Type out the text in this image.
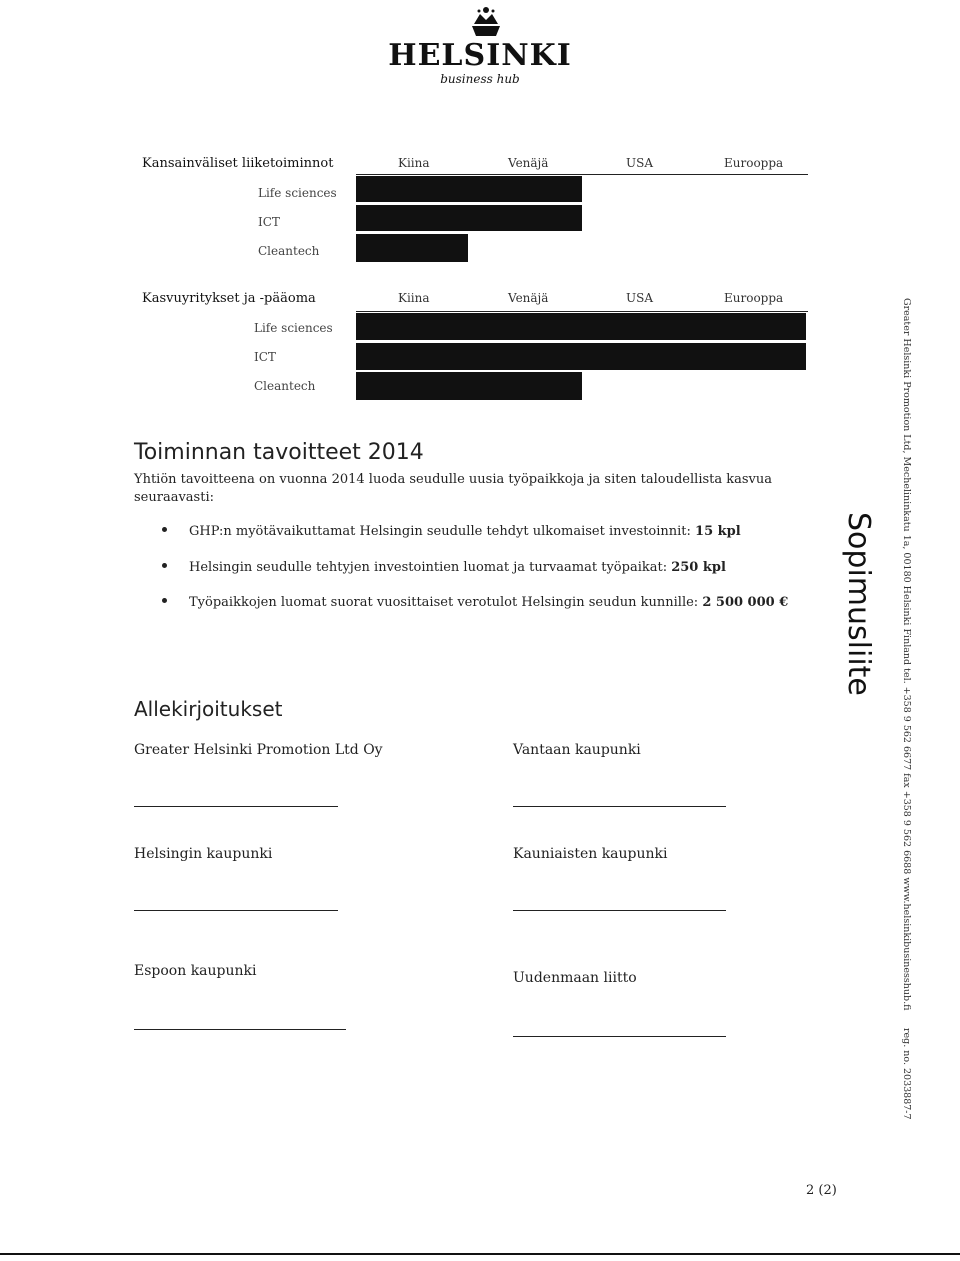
HELSINKI
business hub
Kansainväliset liiketoiminnot	Kiina	Venäjä	USA	Eurooppa
Life sciences
ICT
Cleantech
Kasvuyritykset ja -pääoma	Kiina	Venäjä	USA	Eurooppa
Life sciences
ICT
Cleantech
Toiminnan tavoitteet 2014
Yhtiön tavoitteena on vuonna 2014 luoda seudulle uusia työpaikkoja ja siten taloudellista kasvua
seuraavasti:
GHP:n myötävaikuttamat Helsingin seudulle tehdyt ulkomaiset investoinnit: 15 kpl
Helsingin seudulle tehtyjen investointien luomat ja turvaamat työpaikat: 250 kpl
Työpaikkojen luomat suorat vuosittaiset verotulot Helsingin seudun kunnille: 2 500 000 €
Allekirjoitukset
Greater Helsinki Promotion Ltd Oy	Vantaan kaupunki
Helsingin kaupunki	Kauniaisten kaupunki
Espoon kaupunki	Uudenmaan liitto
Sopimusliite	Greater Helsinki Promotion Ltd, Mechelininkatu 1a, 00180 Helsinki Finland tel. +358 9 562 6677 fax +358 9 562 6688 www.helsinkibusinesshub.fi
reg. no. 2033887-7
2 (2)
